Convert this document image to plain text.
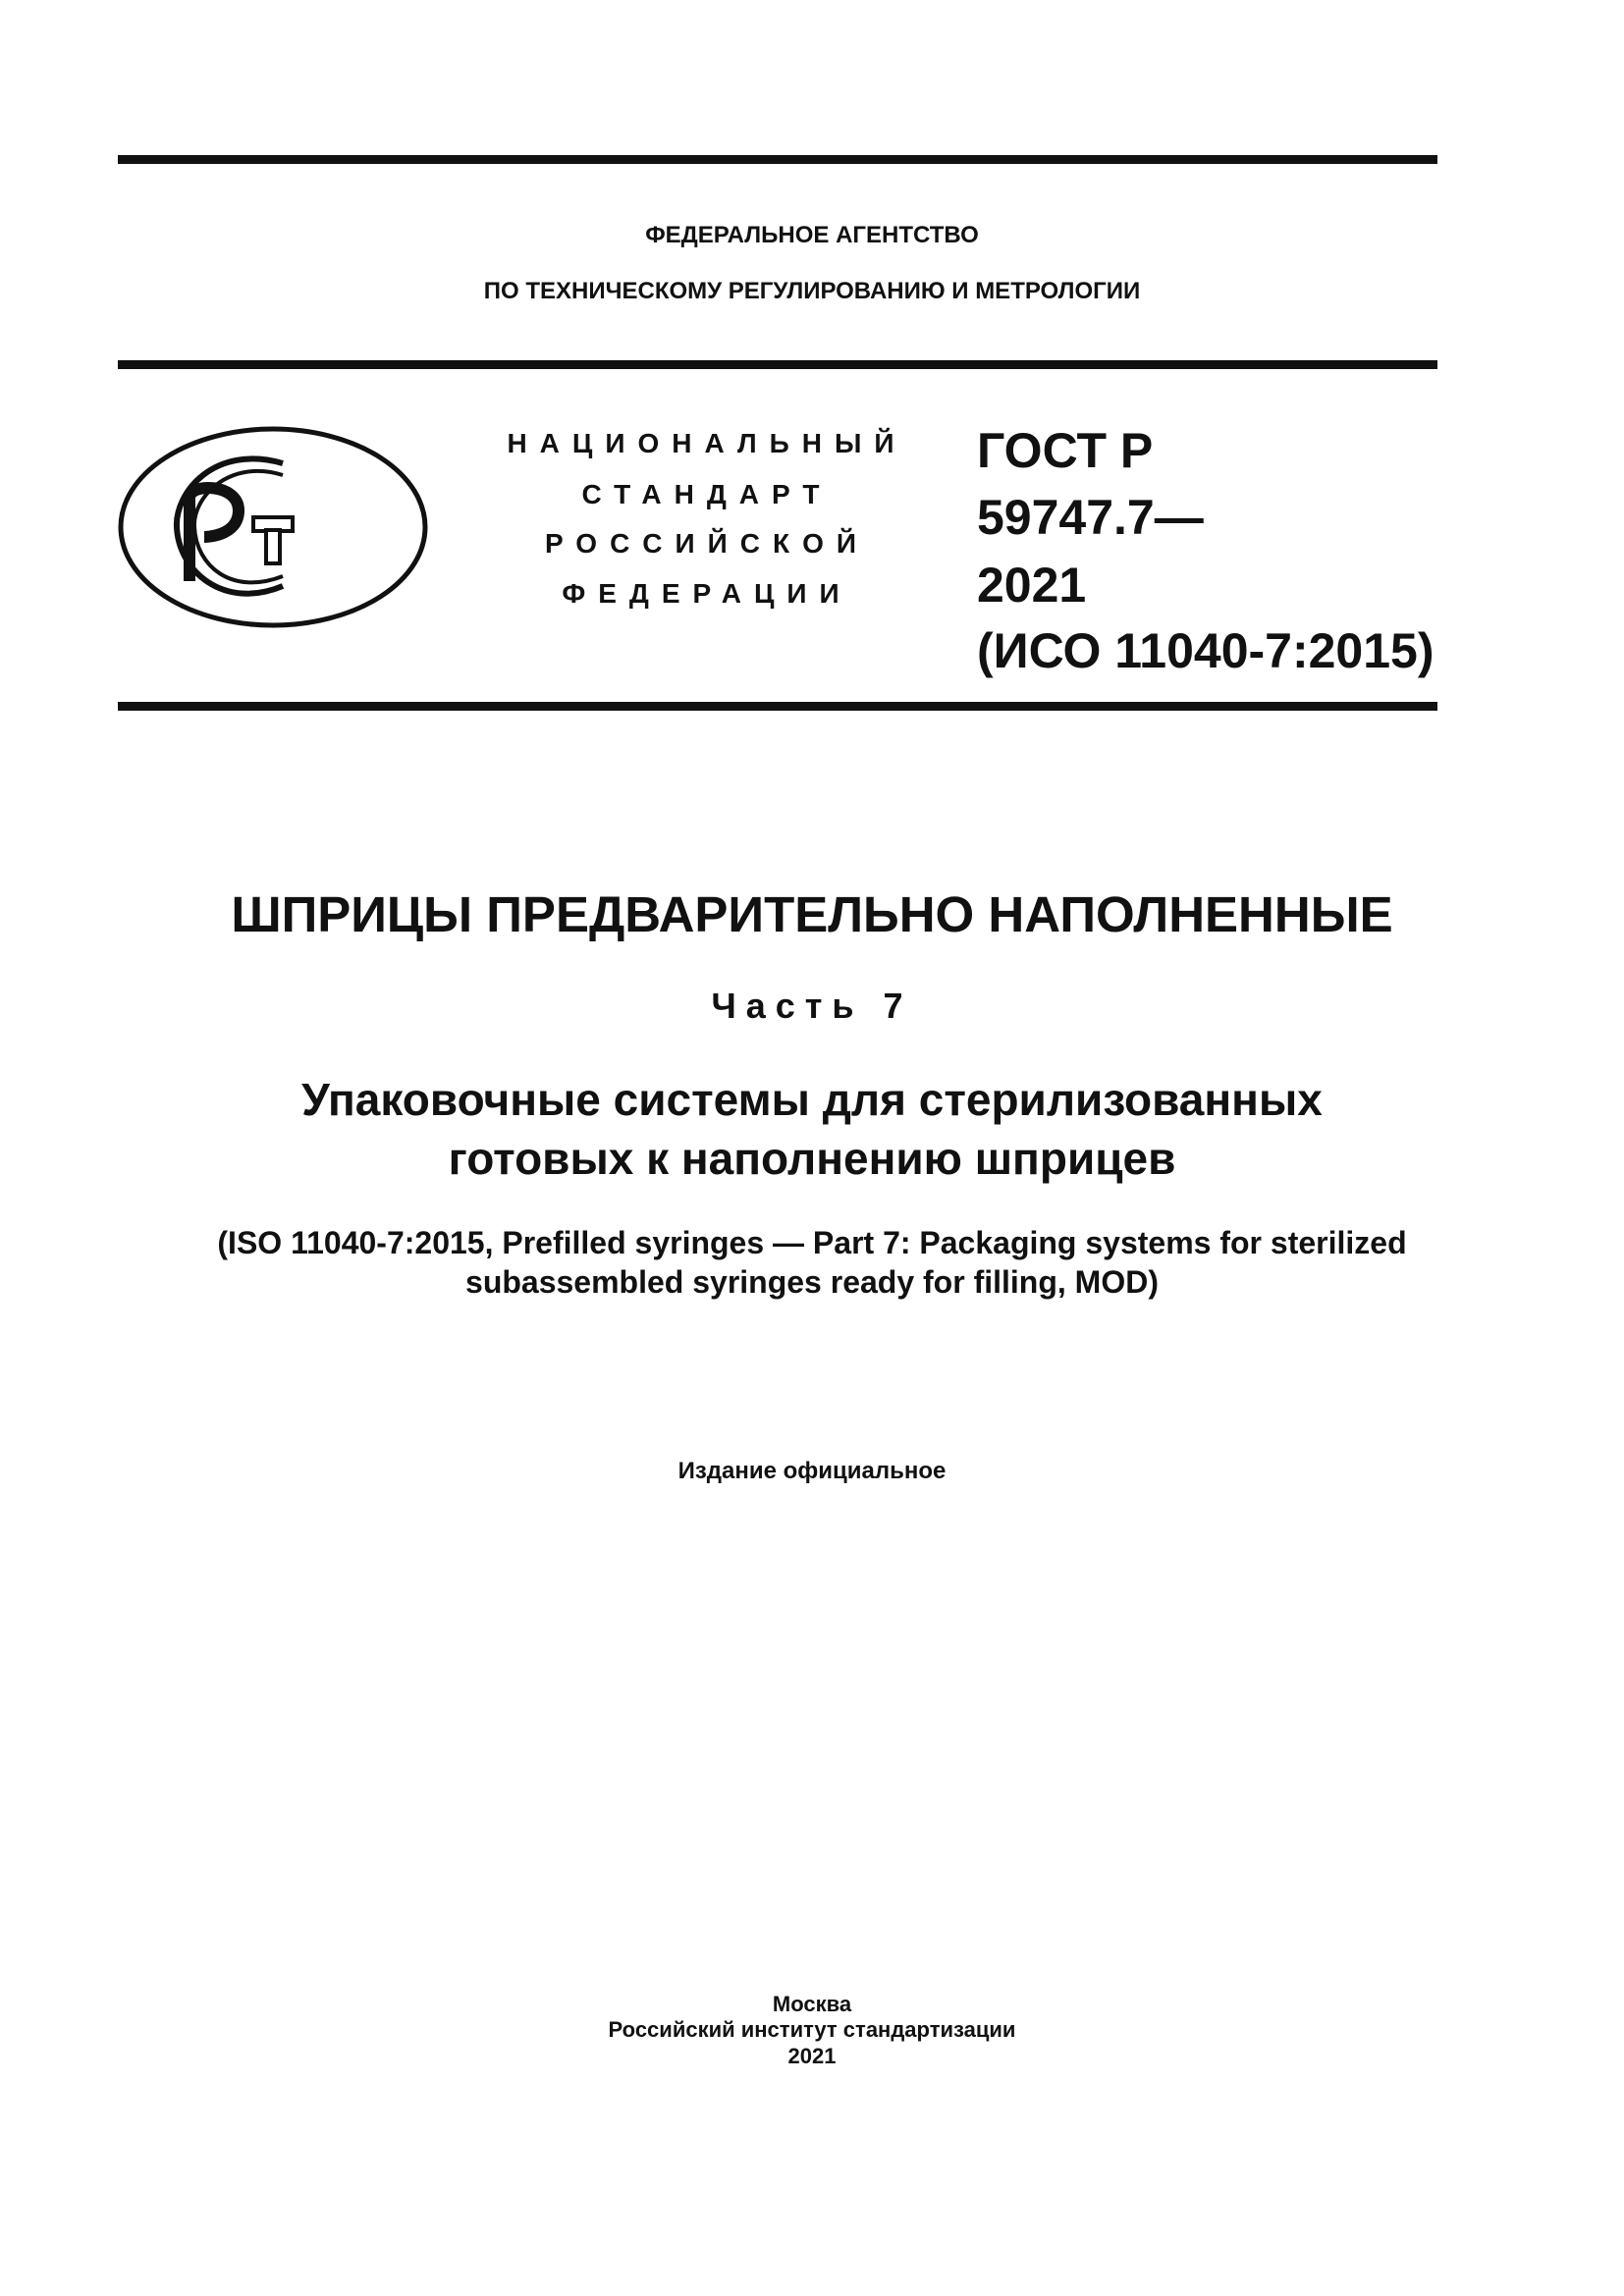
ФЕДЕРАЛЬНОЕ АГЕНТСТВО
ПО ТЕХНИЧЕСКОМУ РЕГУЛИРОВАНИЮ И МЕТРОЛОГИИ
НАЦИОНАЛЬНЫЙ
СТАНДАРТ
РОССИЙСКОЙ
ФЕДЕРАЦИИ
ГОСТ Р
59747.7—
2021
(ИСО 11040-7:2015)
ШПРИЦЫ ПРЕДВАРИТЕЛЬНО НАПОЛНЕННЫЕ
Часть 7
Упаковочные системы для стерилизованных
готовых к наполнению шприцев
(ISO 11040-7:2015, Prefilled syringes — Part 7: Packaging systems for sterilized
subassembled syringes ready for filling, MOD)
Издание официальное
Москва
Российский институт стандартизации
2021
